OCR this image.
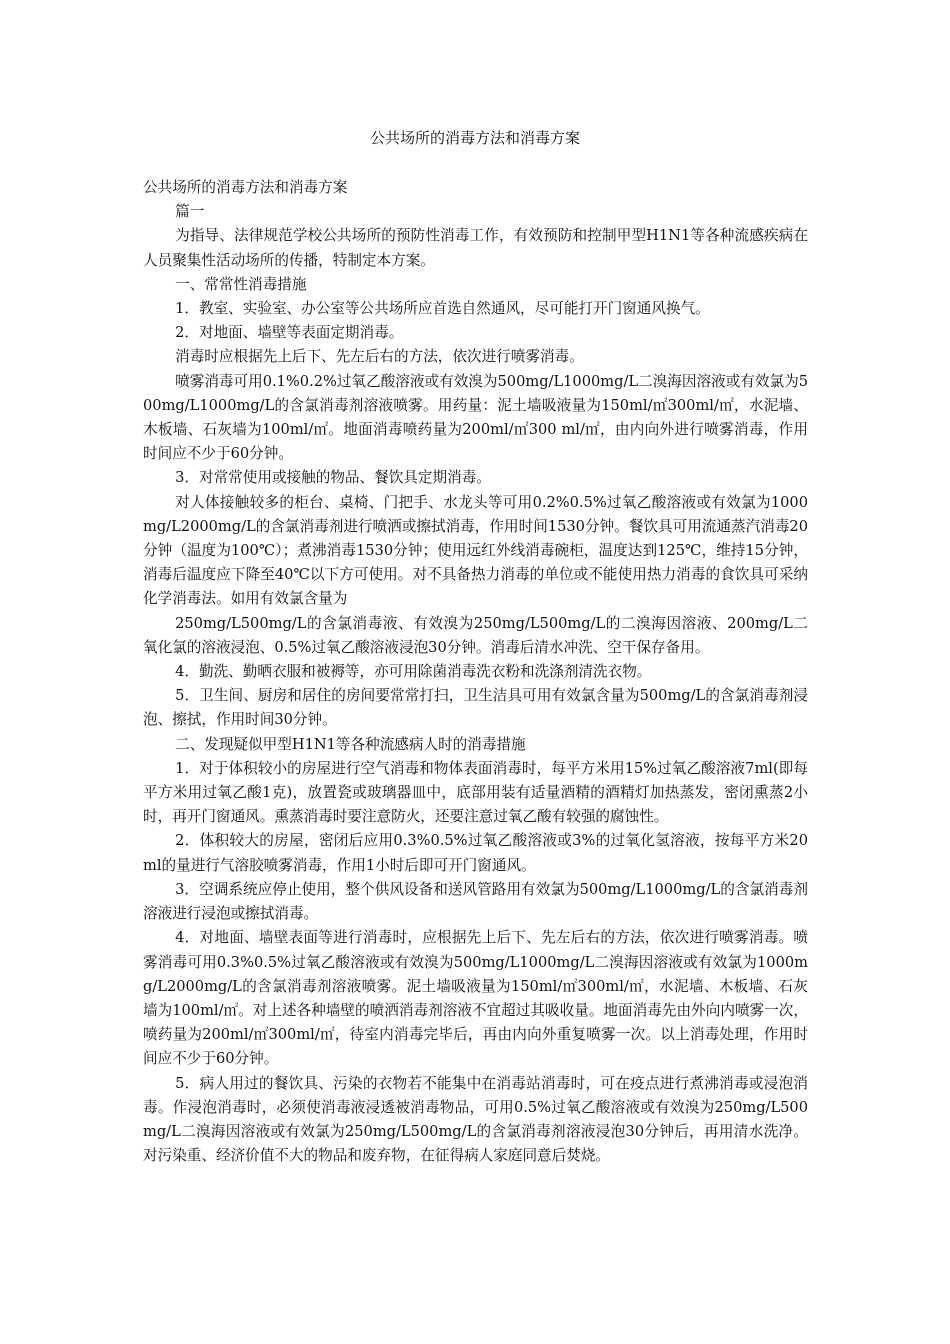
公共场所的消毒方法和消毒方案

公共场所的消毒方法和消毒方案

篇一

为指导、法律规范学校公共场所的预防性消毒工作，有效预防和控制甲型H1N1等各种流感疾病在人员聚集性活动场所的传播，特制定本方案。

一、常常性消毒措施

1．教室、实验室、办公室等公共场所应首选自然通风，尽可能打开门窗通风换气。

2．对地面、墙壁等表面定期消毒。

消毒时应根据先上后下、先左后右的方法，依次进行喷雾消毒。

喷雾消毒可用0.1%0.2%过氧乙酸溶液或有效溴为500mg/L1000mg/L二溴海因溶液或有效氯为500mg/L1000mg/L的含氯消毒剂溶液喷雾。用药量：泥土墙吸液量为150ml/㎡300ml/㎡，水泥墙、木板墙、石灰墙为100ml/㎡。地面消毒喷药量为200ml/㎡300 ml/㎡，由内向外进行喷雾消毒，作用时间应不少于60分钟。

3．对常常使用或接触的物品、餐饮具定期消毒。

对人体接触较多的柜台、桌椅、门把手、水龙头等可用0.2%0.5%过氧乙酸溶液或有效氯为1000mg/L2000mg/L的含氯消毒剂进行喷洒或擦拭消毒，作用时间1530分钟。餐饮具可用流通蒸汽消毒20分钟（温度为100℃）；煮沸消毒1530分钟；使用远红外线消毒碗柜，温度达到125℃，维持15分钟，消毒后温度应下降至40℃以下方可使用。对不具备热力消毒的单位或不能使用热力消毒的食饮具可采纳化学消毒法。如用有效氯含量为

250mg/L500mg/L的含氯消毒液、有效溴为250mg/L500mg/L的二溴海因溶液、200mg/L二氧化氯的溶液浸泡、0.5%过氧乙酸溶液浸泡30分钟。消毒后清水冲洗、空干保存备用。

4．勤洗、勤晒衣服和被褥等，亦可用除菌消毒洗衣粉和洗涤剂清洗衣物。

5．卫生间、厨房和居住的房间要常常打扫，卫生洁具可用有效氯含量为500mg/L的含氯消毒剂浸泡、擦拭，作用时间30分钟。

二、发现疑似甲型H1N1等各种流感病人时的消毒措施

1．对于体积较小的房屋进行空气消毒和物体表面消毒时，每平方米用15%过氧乙酸溶液7ml(即每平方米用过氧乙酸1克)，放置瓷或玻璃器皿中，底部用装有适量酒精的酒精灯加热蒸发，密闭熏蒸2小时，再开门窗通风。熏蒸消毒时要注意防火，还要注意过氧乙酸有较强的腐蚀性。

2．体积较大的房屋，密闭后应用0.3%0.5%过氧乙酸溶液或3%的过氧化氢溶液，按每平方米20ml的量进行气溶胶喷雾消毒，作用1小时后即可开门窗通风。

3．空调系统应停止使用，整个供风设备和送风管路用有效氯为500mg/L1000mg/L的含氯消毒剂溶液进行浸泡或擦拭消毒。

4．对地面、墙壁表面等进行消毒时，应根据先上后下、先左后右的方法，依次进行喷雾消毒。喷雾消毒可用0.3%0.5%过氧乙酸溶液或有效溴为500mg/L1000mg/L二溴海因溶液或有效氯为1000mg/L2000mg/L的含氯消毒剂溶液喷雾。泥土墙吸液量为150ml/㎡300ml/㎡，水泥墙、木板墙、石灰墙为100ml/㎡。对上述各种墙壁的喷洒消毒剂溶液不宜超过其吸收量。地面消毒先由外向内喷雾一次，喷药量为200ml/㎡300ml/㎡，待室内消毒完毕后，再由内向外重复喷雾一次。以上消毒处理，作用时间应不少于60分钟。

5．病人用过的餐饮具、污染的衣物若不能集中在消毒站消毒时，可在疫点进行煮沸消毒或浸泡消毒。作浸泡消毒时，必须使消毒液浸透被消毒物品，可用0.5%过氧乙酸溶液或有效溴为250mg/L500mg/L二溴海因溶液或有效氯为250mg/L500mg/L的含氯消毒剂溶液浸泡30分钟后，再用清水洗净。对污染重、经济价值不大的物品和废弃物，在征得病人家庭同意后焚烧。
